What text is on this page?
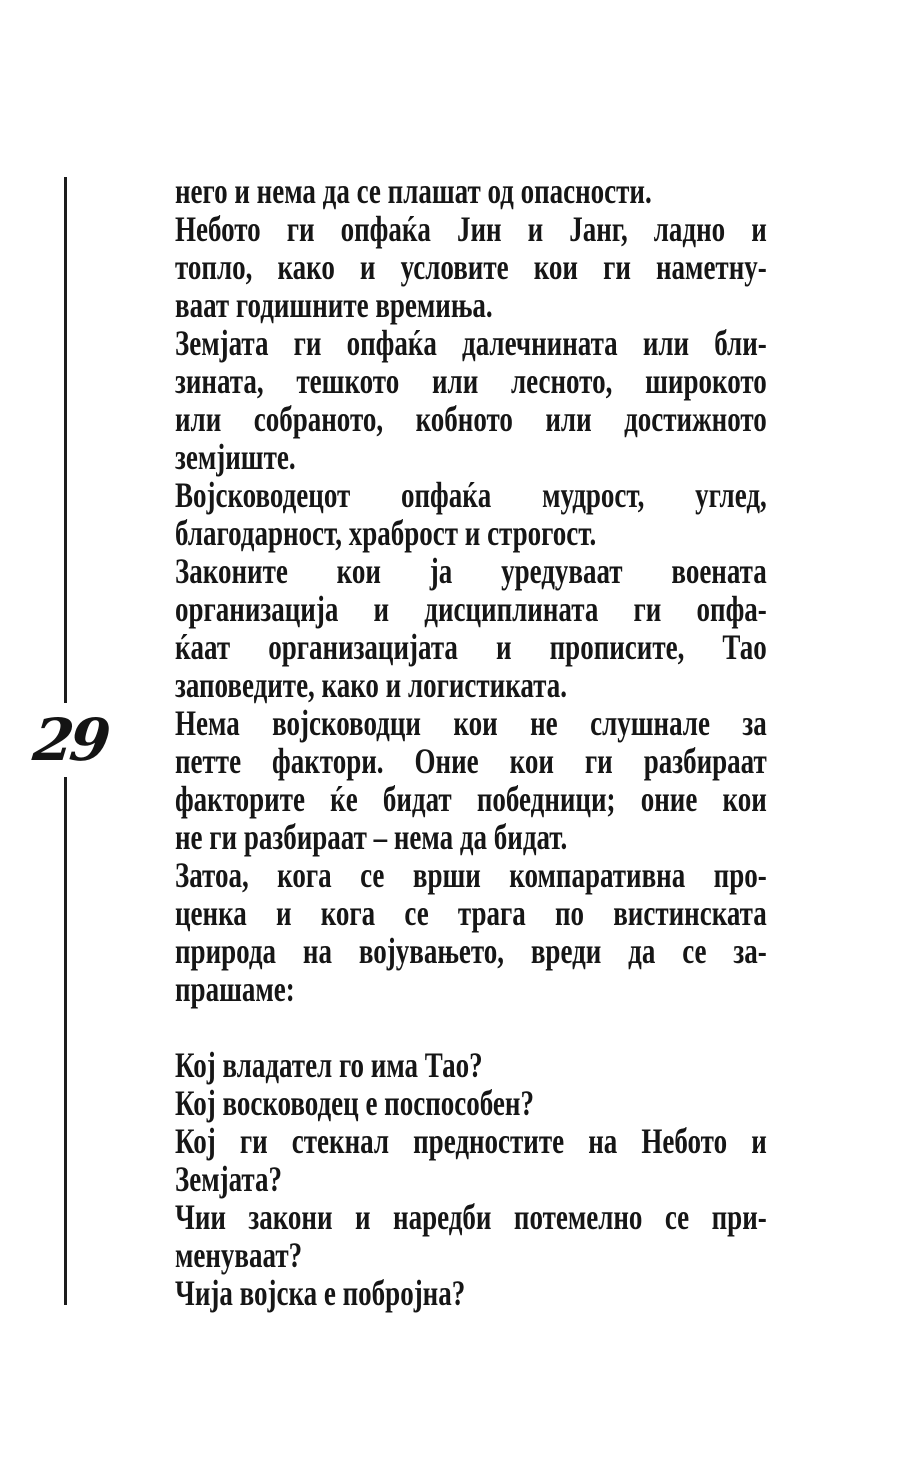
29
него и нема да се плашат од опасности.
Небото ги опфаќа Јин и Јанг, ладно и
топло, како и условите кои ги наметну-
ваат годишните времиња.
Земјата ги опфаќа далечнината или бли-
зината, тешкото или лесното, широкото
или собраното, кобното или достижното
земјиште.
Војсководецот опфаќа мудрост, углед,
благодарност, храброст и строгост.
Законите кои ја уредуваат воената
организација и дисциплината ги опфа-
ќаат организацијата и прописите, Тао
заповедите, како и логистиката.
Нема војсководци кои не слушнале за
петте фактори. Оние кои ги разбираат
факторите ќе бидат победници; оние кои
не ги разбираат – нема да бидат.
Затоа, кога се врши компаративна про-
ценка и кога се трага по вистинската
природа на војувањето, вреди да се за-
прашаме:
Кој владател го има Тао?
Кој восководец е поспособен?
Кој ги стекнал предностите на Небото и
Земјата?
Чии закони и наредби потемелно се при-
менуваат?
Чија војска е побројна?
